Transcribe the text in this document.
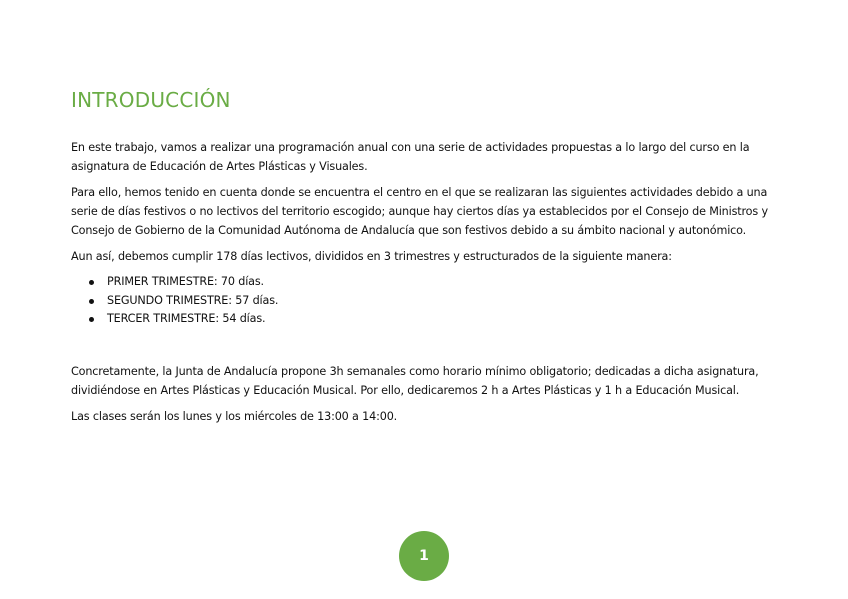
INTRODUCCIÓN

En este trabajo, vamos a realizar una programación anual con una serie de actividades propuestas a lo largo del curso en la asignatura de Educación de Artes Plásticas y Visuales.

Para ello, hemos tenido en cuenta donde se encuentra el centro en el que se realizaran las siguientes actividades debido a una serie de días festivos o no lectivos del territorio escogido; aunque hay ciertos días ya establecidos por el Consejo de Ministros y Consejo de Gobierno de la Comunidad Autónoma de Andalucía que son festivos debido a su ámbito nacional y autonómico.

Aun así, debemos cumplir 178 días lectivos, divididos en 3 trimestres y estructurados de la siguiente manera:

PRIMER TRIMESTRE: 70 días.
SEGUNDO TRIMESTRE: 57 días.
TERCER TRIMESTRE: 54 días.

Concretamente, la Junta de Andalucía propone 3h semanales como horario mínimo obligatorio; dedicadas a dicha asignatura, dividiéndose en Artes Plásticas y Educación Musical. Por ello, dedicaremos 2 h a Artes Plásticas y 1 h a Educación Musical.

Las clases serán los lunes y los miércoles de 13:00 a 14:00.

1
